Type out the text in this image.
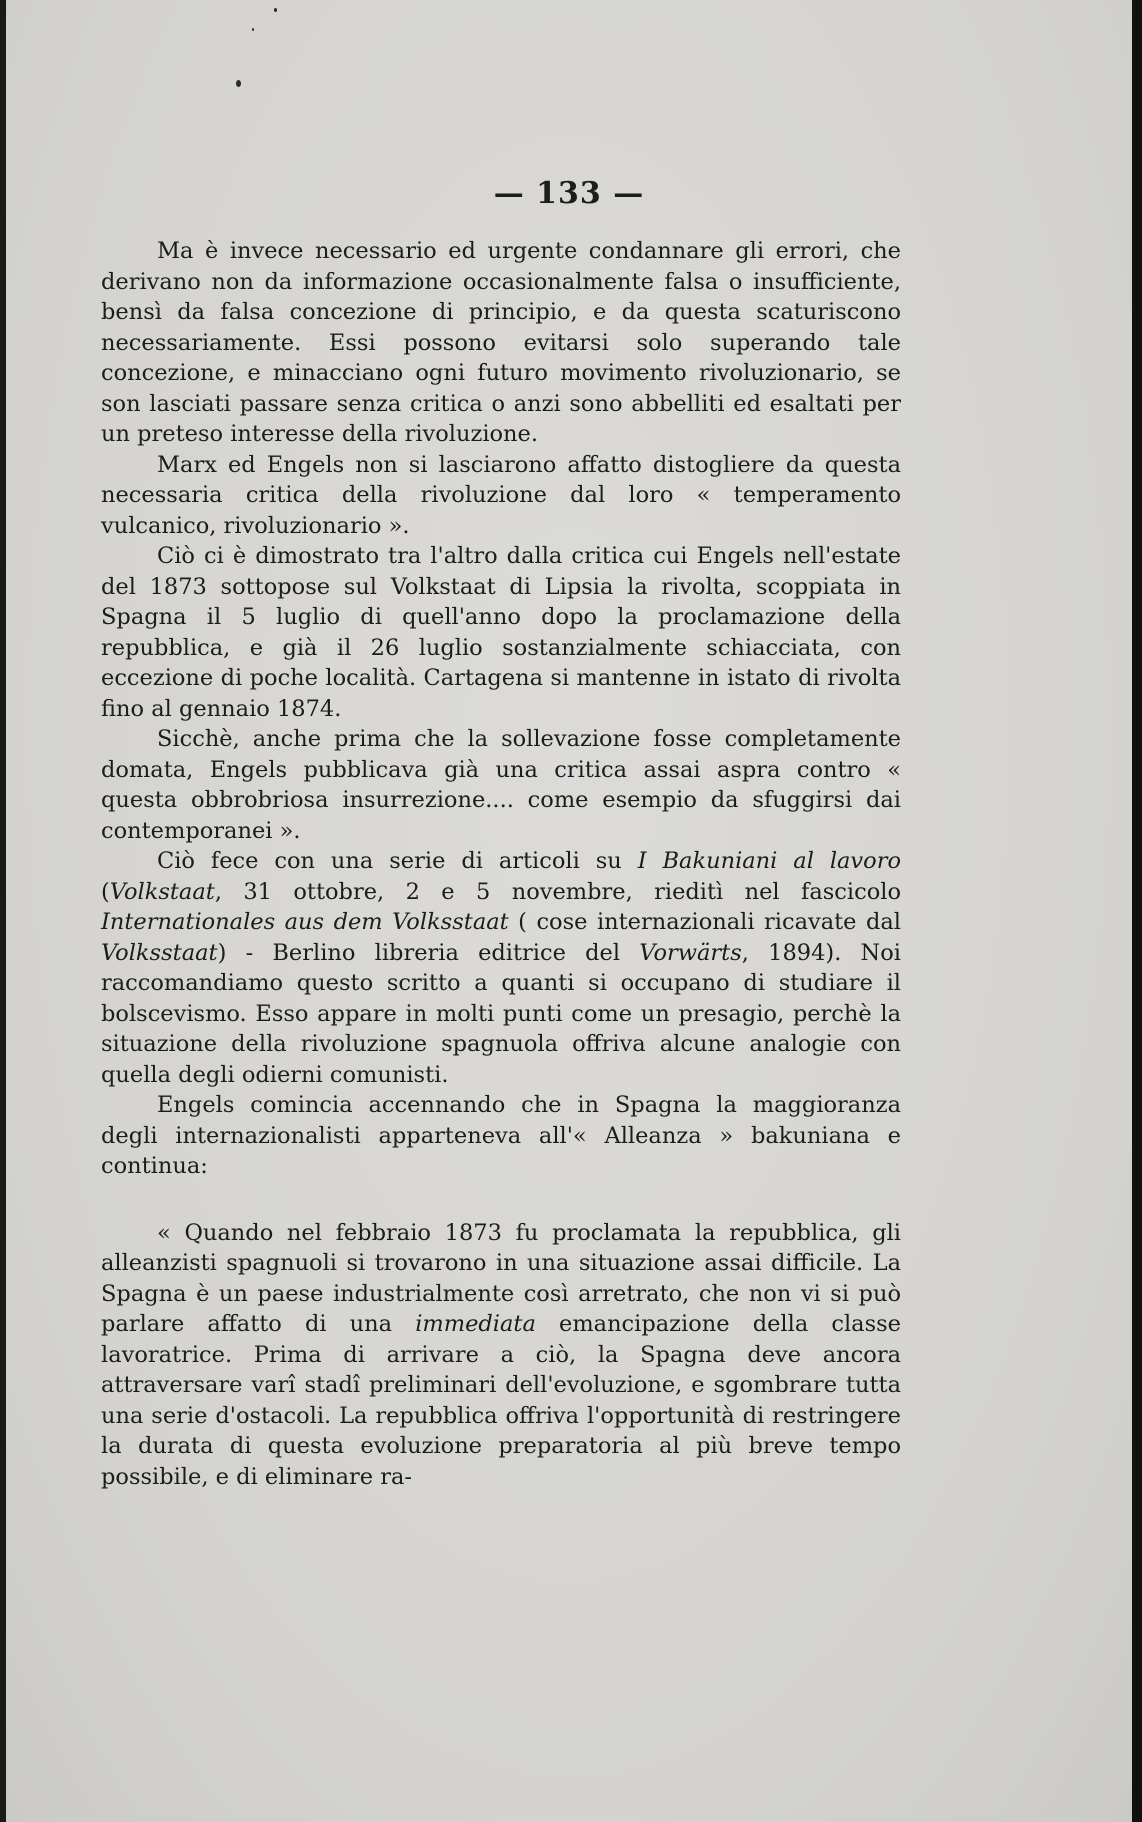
— 133 —

Ma è invece necessario ed urgente condannare gli errori, che derivano non da informazione occasionalmente falsa o insufficiente, bensì da falsa concezione di principio, e da questa scaturiscono necessariamente. Essi possono evitarsi solo superando tale concezione, e minacciano ogni futuro movimento rivoluzionario, se son lasciati passare senza critica o anzi sono abbelliti ed esaltati per un preteso interesse della rivoluzione.

Marx ed Engels non si lasciarono affatto distogliere da questa necessaria critica della rivoluzione dal loro « temperamento vulcanico, rivoluzionario ».

Ciò ci è dimostrato tra l'altro dalla critica cui Engels nell'estate del 1873 sottopose sul Volkstaat di Lipsia la rivolta, scoppiata in Spagna il 5 luglio di quell'anno dopo la proclamazione della repubblica, e già il 26 luglio sostanzialmente schiacciata, con eccezione di poche località. Cartagena si mantenne in istato di rivolta fino al gennaio 1874.

Sicchè, anche prima che la sollevazione fosse completamente domata, Engels pubblicava già una critica assai aspra contro « questa obbrobriosa insurrezione.... come esempio da sfuggirsi dai contemporanei ».

Ciò fece con una serie di articoli su I Bakuniani al lavoro (Volkstaat, 31 ottobre, 2 e 5 novembre, rieditì nel fascicolo Internationales aus dem Volksstaat ( cose internazionali ricavate dal Volksstaat) - Berlino libreria editrice del Vorwärts, 1894). Noi raccomandiamo questo scritto a quanti si occupano di studiare il bolscevismo. Esso appare in molti punti come un presagio, perchè la situazione della rivoluzione spagnuola offriva alcune analogie con quella degli odierni comunisti.

Engels comincia accennando che in Spagna la maggioranza degli internazionalisti apparteneva all'« Alleanza » bakuniana e continua:

« Quando nel febbraio 1873 fu proclamata la repubblica, gli alleanzisti spagnuoli si trovarono in una situazione assai difficile. La Spagna è un paese industrialmente così arretrato, che non vi si può parlare affatto di una immediata emancipazione della classe lavoratrice. Prima di arrivare a ciò, la Spagna deve ancora attraversare varî stadî preliminari dell'evoluzione, e sgombrare tutta una serie d'ostacoli. La repubblica offriva l'opportunità di restringere la durata di questa evoluzione preparatoria al più breve tempo possibile, e di eliminare ra-
